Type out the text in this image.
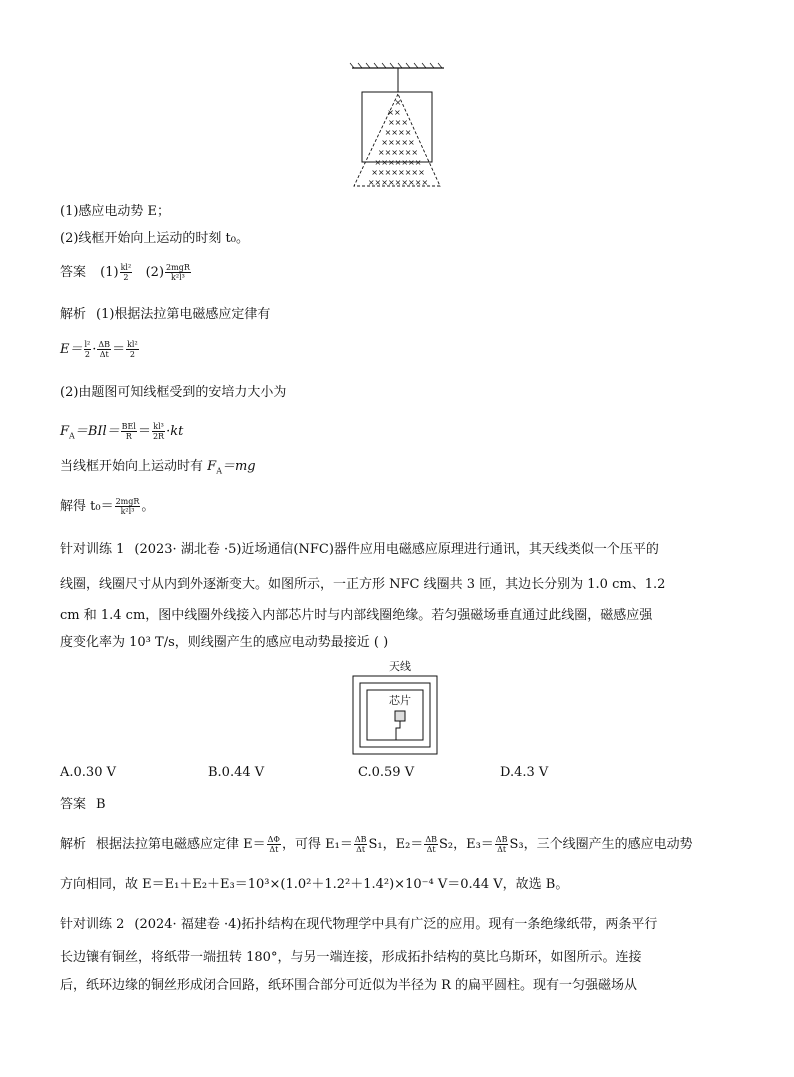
×
××
×××
××××
×××××
××××××
×××××××
××××××××
×××××××××
(1)感应电动势 E；
(2)线框开始向上运动的时刻 t₀。
答案 $(1) \frac{\text{kl²}}{2} (2) \frac{\text{2mgR}}{\text{k²l³}}$
解析 (1)根据法拉第电磁感应定律有
$E= \frac{\text{l²}}{2} \cdot \frac{\Delta B}{\Delta t} = \frac{\text{kl²}}{2}$
(2)由题图可知线框受到的安培力大小为
$F_A=BIl= \frac{\text{BEl}}{R} = \frac{\text{kl³}}{2R} \cdot kt$
当线框开始向上运动时有 $F_A=mg$
解得 $t_0= \frac{\text{2mgR}}{\text{k²l³}}$ 。
针对训练 1 (2023· 湖北卷 ·5)近场通信(NFC)器件应用电磁感应原理进行通讯，其天线类似一个压平的
线圈，线圈尺寸从内到外逐渐变大。如图所示，一正方形 NFC 线圈共 3 匝，其边长分别为 1.0 cm、1.2
cm 和 1.4 cm，图中线圈外线接入内部芯片时与内部线圈绝缘。若匀强磁场垂直通过此线圈，磁感应强
度变化率为 10³ T/s，则线圈产生的感应电动势最接近 ( )
天线
芯片
A.0.30 V	B.0.44 V	C.0.59 V	D.4.3 V
答案 B
解析 根据法拉第电磁感应定律 $E= \frac{\Delta\Phi}{\Delta t}$ ，可得 $E_1= \frac{\Delta B}{\Delta t} S_1$，$E_2= \frac{\Delta B}{\Delta t} S_2$，$E_3= \frac{\Delta B}{\Delta t} S_3$，三个线圈产生的感应电动势
方向相同，故 E＝E₁＋E₂＋E₃＝10³×(1.0²＋1.2²＋1.4²)×10⁻⁴ V＝0.44 V，故选 B。
针对训练 2 (2024· 福建卷 ·4)拓扑结构在现代物理学中具有广泛的应用。现有一条绝缘纸带，两条平行
长边镶有铜丝，将纸带一端扭转 180°，与另一端连接，形成拓扑结构的莫比乌斯环，如图所示。连接
后，纸环边缘的铜丝形成闭合回路，纸环围合部分可近似为半径为 R 的扁平圆柱。现有一匀强磁场从
